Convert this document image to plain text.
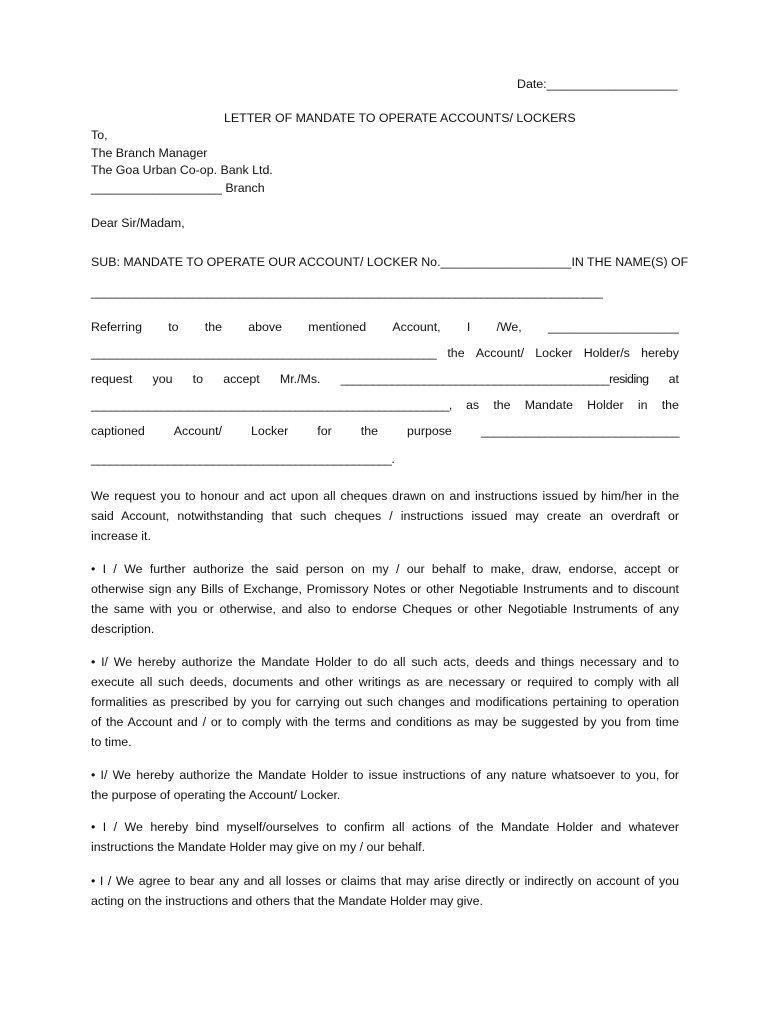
Date:___________________
LETTER OF MANDATE TO OPERATE ACCOUNTS/ LOCKERS
To,
The Branch Manager
The Goa Urban Co-op. Bank Ltd.
___________________ Branch
Dear Sir/Madam,
SUB: MANDATE TO OPERATE OUR ACCOUNT/ LOCKER No.___________________ IN THE NAME(S) OF
________________________________________________________________________________
Referring to the above mentioned Account, I /We, ___________________
______________________________________________________ the Account/ Locker Holder/s hereby
request you to accept Mr./Ms. __________________________________________residing at
________________________________________________________, as the Mandate Holder in the
captioned Account/ Locker for the purpose _______________________________
_______________________________________________.
We request you to honour and act upon all cheques drawn on and instructions issued by him/her in the
said Account, notwithstanding that such cheques / instructions issued may create an overdraft or
increase it.
• I / We further authorize the said person on my / our behalf to make, draw, endorse, accept or
otherwise sign any Bills of Exchange, Promissory Notes or other Negotiable Instruments and to discount
the same with you or otherwise, and also to endorse Cheques or other Negotiable Instruments of any
description.
• I/ We hereby authorize the Mandate Holder to do all such acts, deeds and things necessary and to
execute all such deeds, documents and other writings as are necessary or required to comply with all
formalities as prescribed by you for carrying out such changes and modifications pertaining to operation
of the Account and / or to comply with the terms and conditions as may be suggested by you from time
to time.
• I/ We hereby authorize the Mandate Holder to issue instructions of any nature whatsoever to you, for
the purpose of operating the Account/ Locker.
• I / We hereby bind myself/ourselves to confirm all actions of the Mandate Holder and whatever
instructions the Mandate Holder may give on my / our behalf.
• I / We agree to bear any and all losses or claims that may arise directly or indirectly on account of you
acting on the instructions and others that the Mandate Holder may give.
